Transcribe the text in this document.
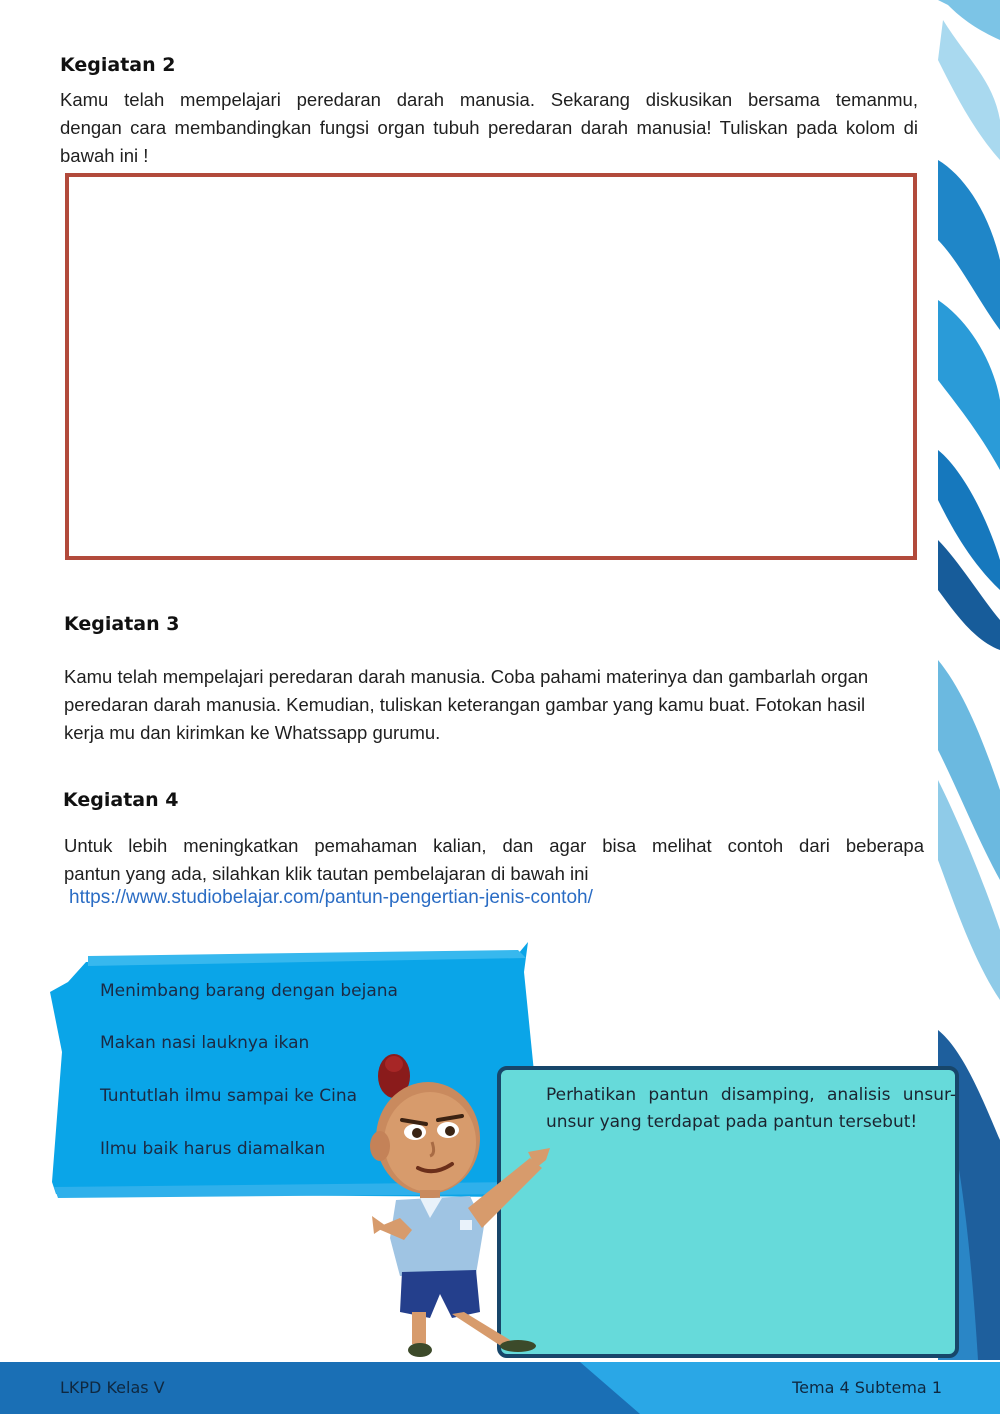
Kegiatan 2
Kamu telah mempelajari peredaran darah manusia. Sekarang diskusikan bersama temanmu,
dengan cara membandingkan fungsi organ tubuh peredaran darah manusia! Tuliskan pada kolom di
bawah ini !
Kegiatan 3
Kamu telah mempelajari peredaran darah manusia. Coba pahami materinya dan gambarlah organ
peredaran darah manusia. Kemudian, tuliskan keterangan gambar yang kamu buat. Fotokan hasil
kerja mu dan kirimkan ke Whatssapp gurumu.
Kegiatan 4
Untuk lebih meningkatkan pemahaman kalian, dan agar bisa melihat contoh dari beberapa
pantun yang ada, silahkan klik tautan pembelajaran di bawah ini
https://www.studiobelajar.com/pantun-pengertian-jenis-contoh/
Menimbang barang dengan bejana
Makan nasi lauknya ikan
Tuntutlah ilmu sampai ke Cina
Ilmu baik harus diamalkan
Perhatikan pantun disamping, analisis unsur-
unsur yang terdapat pada pantun tersebut!
LKPD Kelas V	Tema 4 Subtema 1
